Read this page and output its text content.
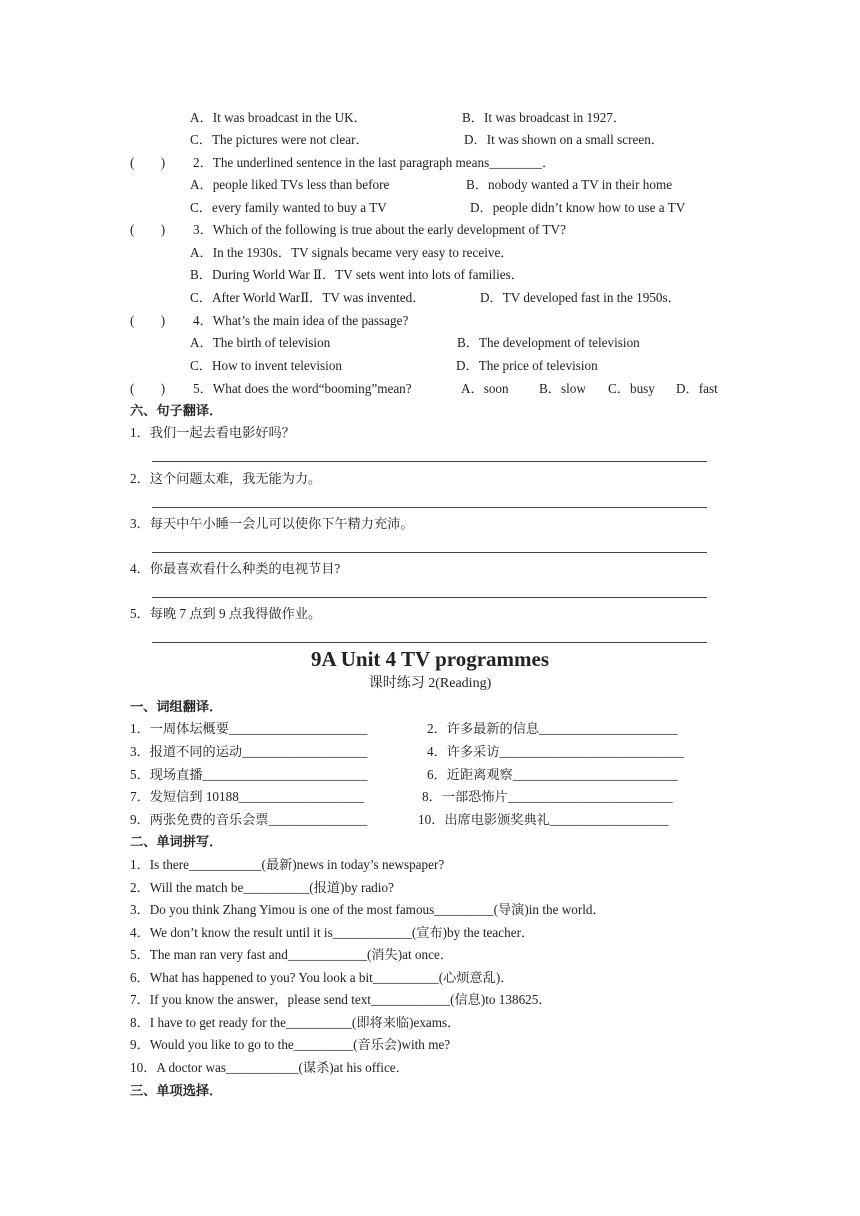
A．It was broadcast in the UK．	B．It was broadcast in 1927．
C．The pictures were not clear．	D．It was shown on a small screen．
(        ) 2．The underlined sentence in the last paragraph means________．
A．people liked TVs less than before	B．nobody wanted a TV in their home
C．every family wanted to buy a TV	D．people didn’t know how to use a TV
(        ) 3．Which of the following is true about the early development of TV?
A．In the 1930s．TV signals became very easy to receive．
B．During World War Ⅱ．TV sets went into lots of families．
C．After World WarⅡ．TV was invented．	D．TV developed fast in the 1950s．
(        ) 4．What’s the main idea of the passage?
A．The birth of television	B．The development of television
C．How to invent television	D．The price of television
(        ) 5．What does the word“booming”mean?	A．soon B．slow C．busy D．fast
六、句子翻译．
1．我们一起去看电影好吗？
2．这个问题太难，我无能为力。
3．每天中午小睡一会儿可以使你下午精力充沛。
4．你最喜欢看什么种类的电视节目?
5．每晚 7 点到 9 点我得做作业。
9A Unit 4 TV programmes
课时练习 2(Reading)
一、词组翻译．
1．一周体坛概要_____________________	2．许多最新的信息_____________________
3．报道不同的运动___________________	4．许多采访____________________________
5．现场直播_________________________	6．近距离观察_________________________
7．发短信到 10188___________________	8．一部恐怖片_________________________
9．两张免费的音乐会票_______________	10．出席电影颁奖典礼__________________
二、单词拼写．
1．Is there___________(最新)news in today’s newspaper?
2．Will the match be__________(报道)by radio?
3．Do you think Zhang Yimou is one of the most famous_________(导演)in the world．
4．We don’t know the result until it is____________(宣布)by the teacher．
5．The man ran very fast and____________(消失)at once．
6．What has happened to you? You look a bit__________(心烦意乱)．
7．If you know the answer，please send text____________(信息)to 138625．
8．I have to get ready for the__________(即将来临)exams．
9．Would you like to go to the_________(音乐会)with me?
10．A doctor was___________(谋杀)at his office．
三、单项选择．
